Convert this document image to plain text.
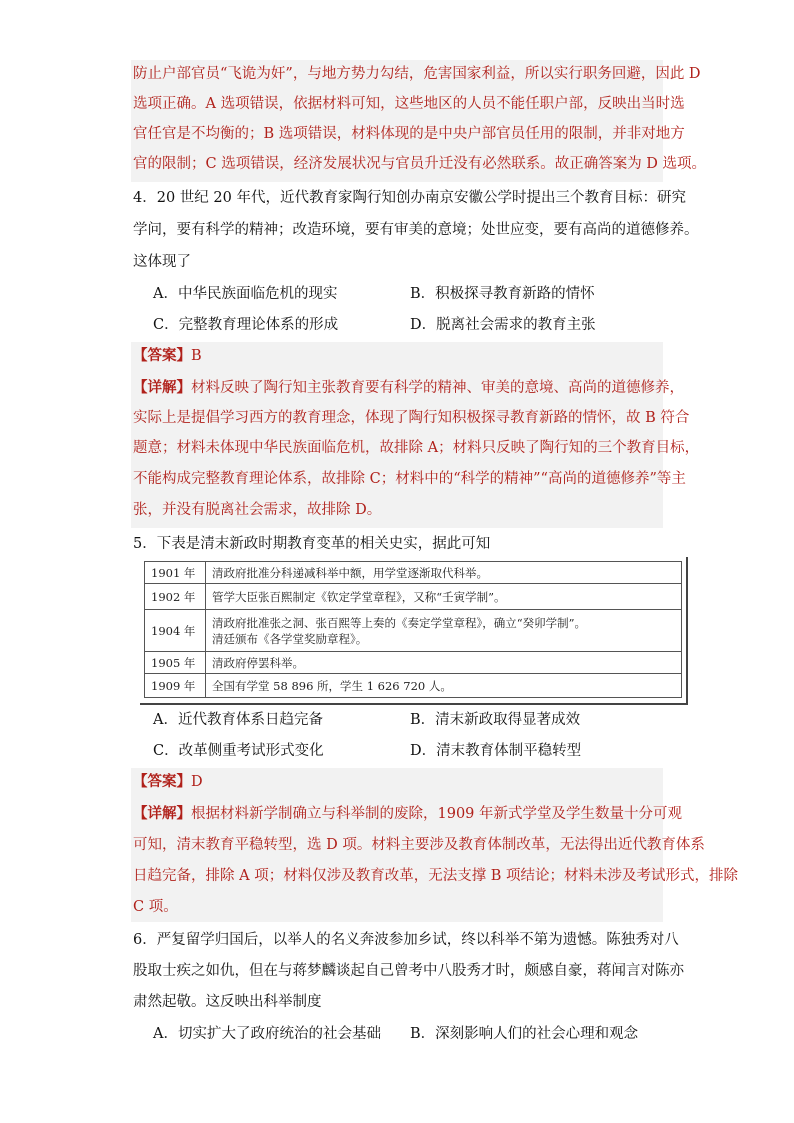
防止户部官员“飞诡为奸”，与地方势力勾结，危害国家利益，所以实行职务回避，因此 D
选项正确。A 选项错误，依据材料可知，这些地区的人员不能任职户部，反映出当时选
官任官是不均衡的；B 选项错误，材料体现的是中央户部官员任用的限制，并非对地方
官的限制；C 选项错误，经济发展状况与官员升迁没有必然联系。故正确答案为 D 选项。
4．20 世纪 20 年代，近代教育家陶行知创办南京安徽公学时提出三个教育目标：研究
学问，要有科学的精神；改造环境，要有审美的意境；处世应变，要有高尚的道德修养。
这体现了
A．中华民族面临危机的现实	B．积极探寻教育新路的情怀
C．完整教育理论体系的形成	D．脱离社会需求的教育主张
【答案】B
【详解】材料反映了陶行知主张教育要有科学的精神、审美的意境、高尚的道德修养，
实际上是提倡学习西方的教育理念，体现了陶行知积极探寻教育新路的情怀，故 B 符合
题意；材料未体现中华民族面临危机，故排除 A；材料只反映了陶行知的三个教育目标，
不能构成完整教育理论体系，故排除 C；材料中的“科学的精神”“高尚的道德修养”等主
张，并没有脱离社会需求，故排除 D。
5．下表是清末新政时期教育变革的相关史实，据此可知
1901 年	清政府批准分科递减科举中额，用学堂逐渐取代科举。
1902 年	管学大臣张百熙制定《钦定学堂章程》，又称“壬寅学制”。
1904 年	清政府批准张之洞、张百熙等上奏的《奏定学堂章程》，确立“癸卯学制”。
清廷颁布《各学堂奖励章程》。

1905 年	清政府停罢科举。
1909 年	全国有学堂 58 896 所，学生 1 626 720 人。
A．近代教育体系日趋完备	B．清末新政取得显著成效
C．改革侧重考试形式变化	D．清末教育体制平稳转型
【答案】D
【详解】根据材料新学制确立与科举制的废除，1909 年新式学堂及学生数量十分可观
可知，清末教育平稳转型，选 D 项。材料主要涉及教育体制改革，无法得出近代教育体系
日趋完备，排除 A 项；材料仅涉及教育改革，无法支撑 B 项结论；材料未涉及考试形式，排除
C 项。
6．严复留学归国后，以举人的名义奔波参加乡试，终以科举不第为遗憾。陈独秀对八
股取士疾之如仇，但在与蒋梦麟谈起自己曾考中八股秀才时，颇感自豪，蒋闻言对陈亦
肃然起敬。这反映出科举制度
A．切实扩大了政府统治的社会基础 B．深刻影响人们的社会心理和观念
